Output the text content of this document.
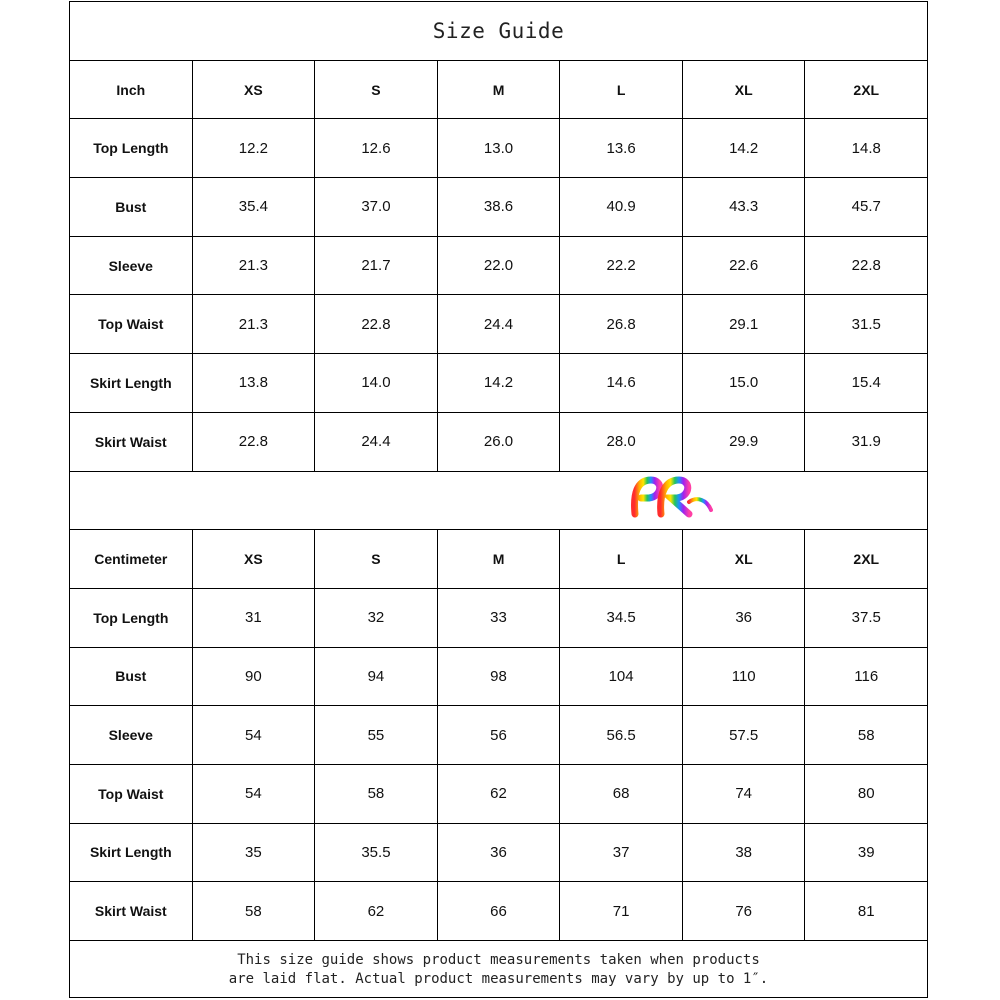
Size Guide
Inch	XS	S	M	L	XL	2XL
Top Length	12.2	12.6	13.0	13.6	14.2	14.8
Bust	35.4	37.0	38.6	40.9	43.3	45.7
Sleeve	21.3	21.7	22.0	22.2	22.6	22.8
Top Waist	21.3	22.8	24.4	26.8	29.1	31.5
Skirt Length	13.8	14.0	14.2	14.6	15.0	15.4
Skirt Waist	22.8	24.4	26.0	28.0	29.9	31.9
Centimeter	XS	S	M	L	XL	2XL
Top Length	31	32	33	34.5	36	37.5
Bust	90	94	98	104	110	116
Sleeve	54	55	56	56.5	57.5	58
Top Waist	54	58	62	68	74	80
Skirt Length	35	35.5	36	37	38	39
Skirt Waist	58	62	66	71	76	81
This size guide shows product measurements taken when products
are laid flat. Actual product measurements may vary by up to 1″.
